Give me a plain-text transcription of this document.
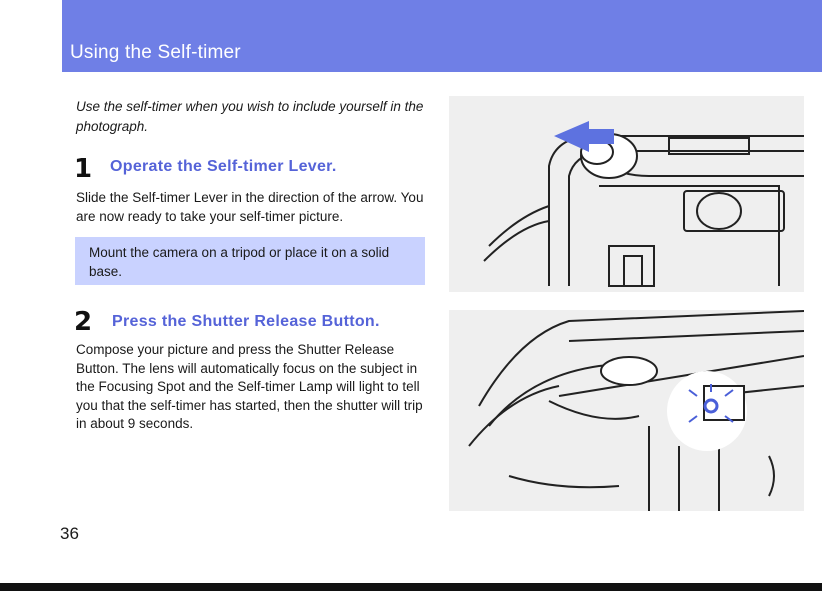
Using the Self-timer
Use the self-timer when you wish to include yourself in the photograph.
1 Operate the Self-timer Lever.
Slide the Self-timer Lever in the direction of the arrow. You are now ready to take your self-timer picture.
Mount the camera on a tripod or place it on a solid base.
2 Press the Shutter Release Button.
Compose your picture and press the Shutter Release Button. The lens will automatically focus on the subject in the Focusing Spot and the Self-timer Lamp will light to tell you that the self-timer has started, then the shutter will trip in about 9 seconds.
36
